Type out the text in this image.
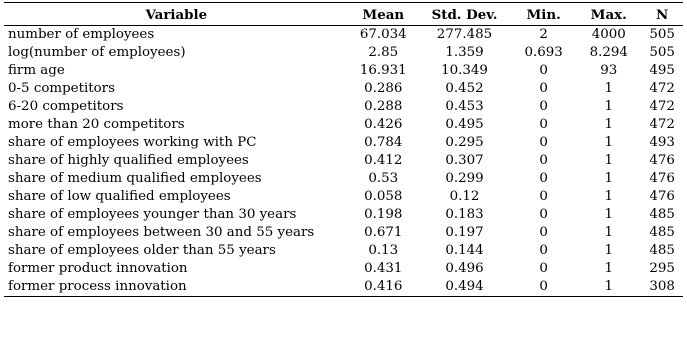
Variable	Mean	Std. Dev.	Min.	Max.	N
number of employees	67.034	277.485	2	4000	505
log(number of employees)	2.85	1.359	0.693	8.294	505
firm age	16.931	10.349	0	93	495
0-5 competitors	0.286	0.452	0	1	472
6-20 competitors	0.288	0.453	0	1	472
more than 20 competitors	0.426	0.495	0	1	472
share of employees working with PC	0.784	0.295	0	1	493
share of highly qualified employees	0.412	0.307	0	1	476
share of medium qualified employees	0.53	0.299	0	1	476
share of low qualified employees	0.058	0.12	0	1	476
share of employees younger than 30 years	0.198	0.183	0	1	485
share of employees between 30 and 55 years	0.671	0.197	0	1	485
share of employees older than 55 years	0.13	0.144	0	1	485
former product innovation	0.431	0.496	0	1	295
former process innovation	0.416	0.494	0	1	308
